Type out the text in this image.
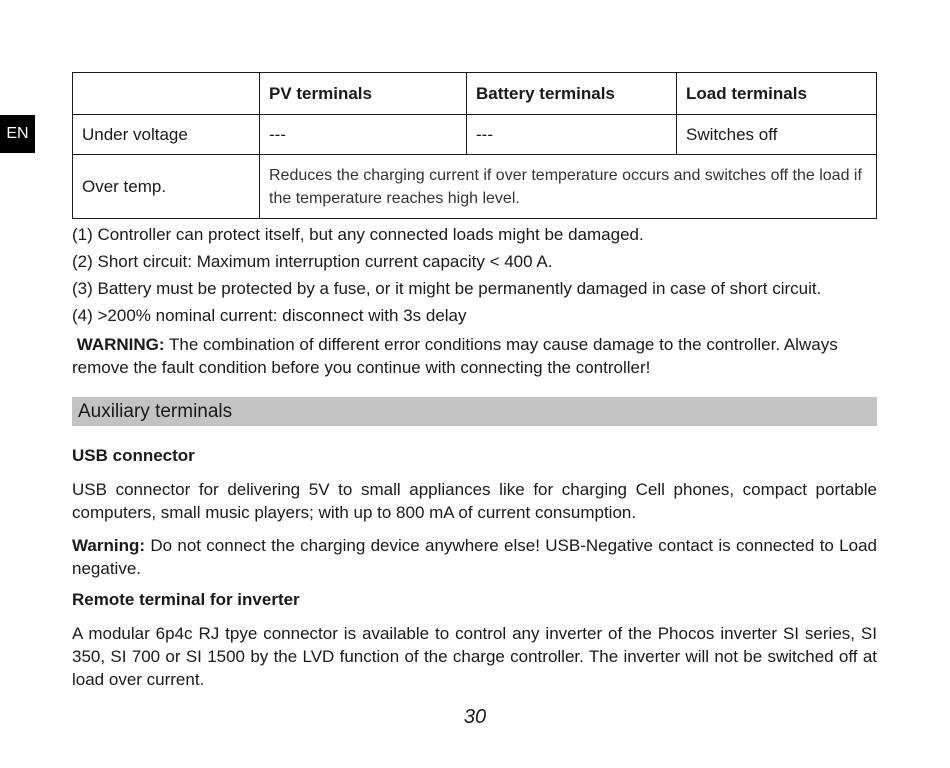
EN
	PV terminals	Battery terminals	Load terminals
Under voltage	---	---	Switches off
Over temp.	Reduces the charging current if over temperature occurs and switches off the load if the temperature reaches high level.		
(1) Controller can protect itself, but any connected loads might be damaged.
(2) Short circuit: Maximum interruption current capacity < 400 A.
(3) Battery must be protected by a fuse, or it might be permanently damaged in case of short circuit.
(4) >200% nominal current: disconnect with 3s delay
WARNING: The combination of different error conditions may cause damage to the controller. Always remove the fault condition before you continue with connecting the controller!
Auxiliary terminals
USB connector
USB connector for delivering 5V to small appliances like for charging Cell phones, compact portable computers, small music players; with up to 800 mA of current consumption.
Warning: Do not connect the charging device anywhere else! USB-Negative contact is connected to Load negative.
Remote terminal for inverter
A modular 6p4c RJ tpye connector is available to control any inverter of the Phocos inverter SI series, SI 350, SI 700 or SI 1500 by the LVD function of the charge controller. The inverter will not be switched off at load over current.
30
